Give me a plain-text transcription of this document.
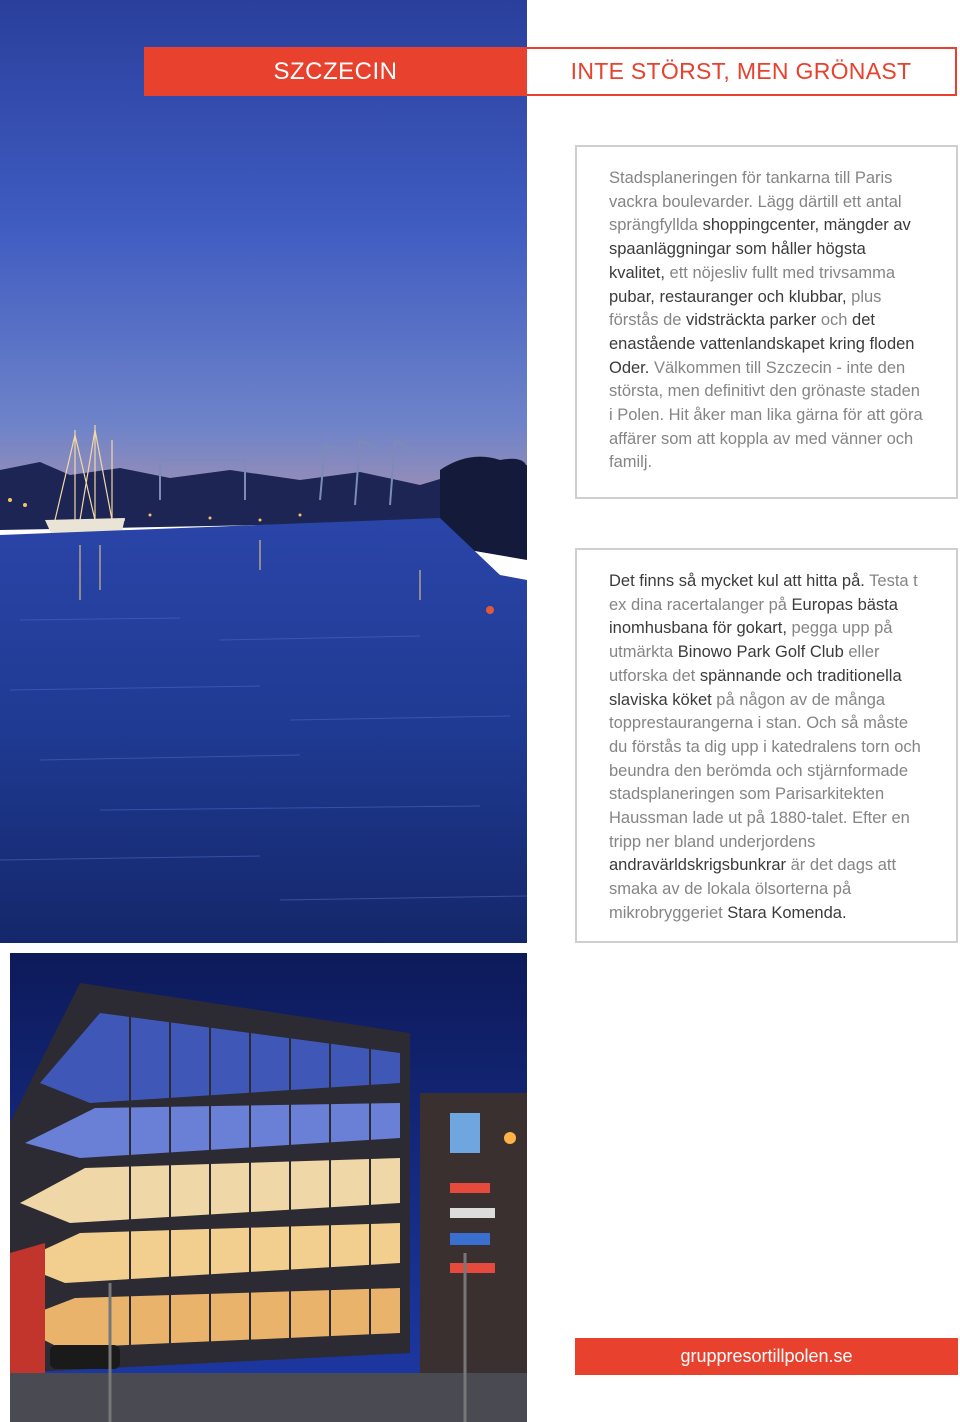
SZCZECIN	INTE STÖRST, MEN GRÖNAST

Stadsplaneringen för tankarna till Paris vackra boulevarder. Lägg därtill ett antal sprängfyllda shoppingcenter, mängder av spaanläggningar som håller högsta kvalitet, ett nöjesliv fullt med trivsamma pubar, restauranger och klubbar, plus förstås de vidsträckta parker och det enastående vattenlandskapet kring floden Oder. Välkommen till Szczecin - inte den största, men definitivt den grönaste staden i Polen. Hit åker man lika gärna för att göra affärer som att koppla av med vänner och familj.

Det finns så mycket kul att hitta på. Testa t ex dina racertalanger på Europas bästa inomhusbana för gokart, pegga upp på utmärkta Binowo Park Golf Club eller utforska det spännande och traditionella slaviska köket på någon av de många topprestaurangerna i stan. Och så måste du förstås ta dig upp i katedralens torn och beundra den berömda och stjärnformade stadsplaneringen som Parisarkitekten Haussman lade ut på 1880-talet. Efter en tripp ner bland underjordens andravärldskrigsbunkrar är det dags att smaka av de lokala ölsorterna på mikrobryggeriet Stara Komenda.

gruppresortillpolen.se
